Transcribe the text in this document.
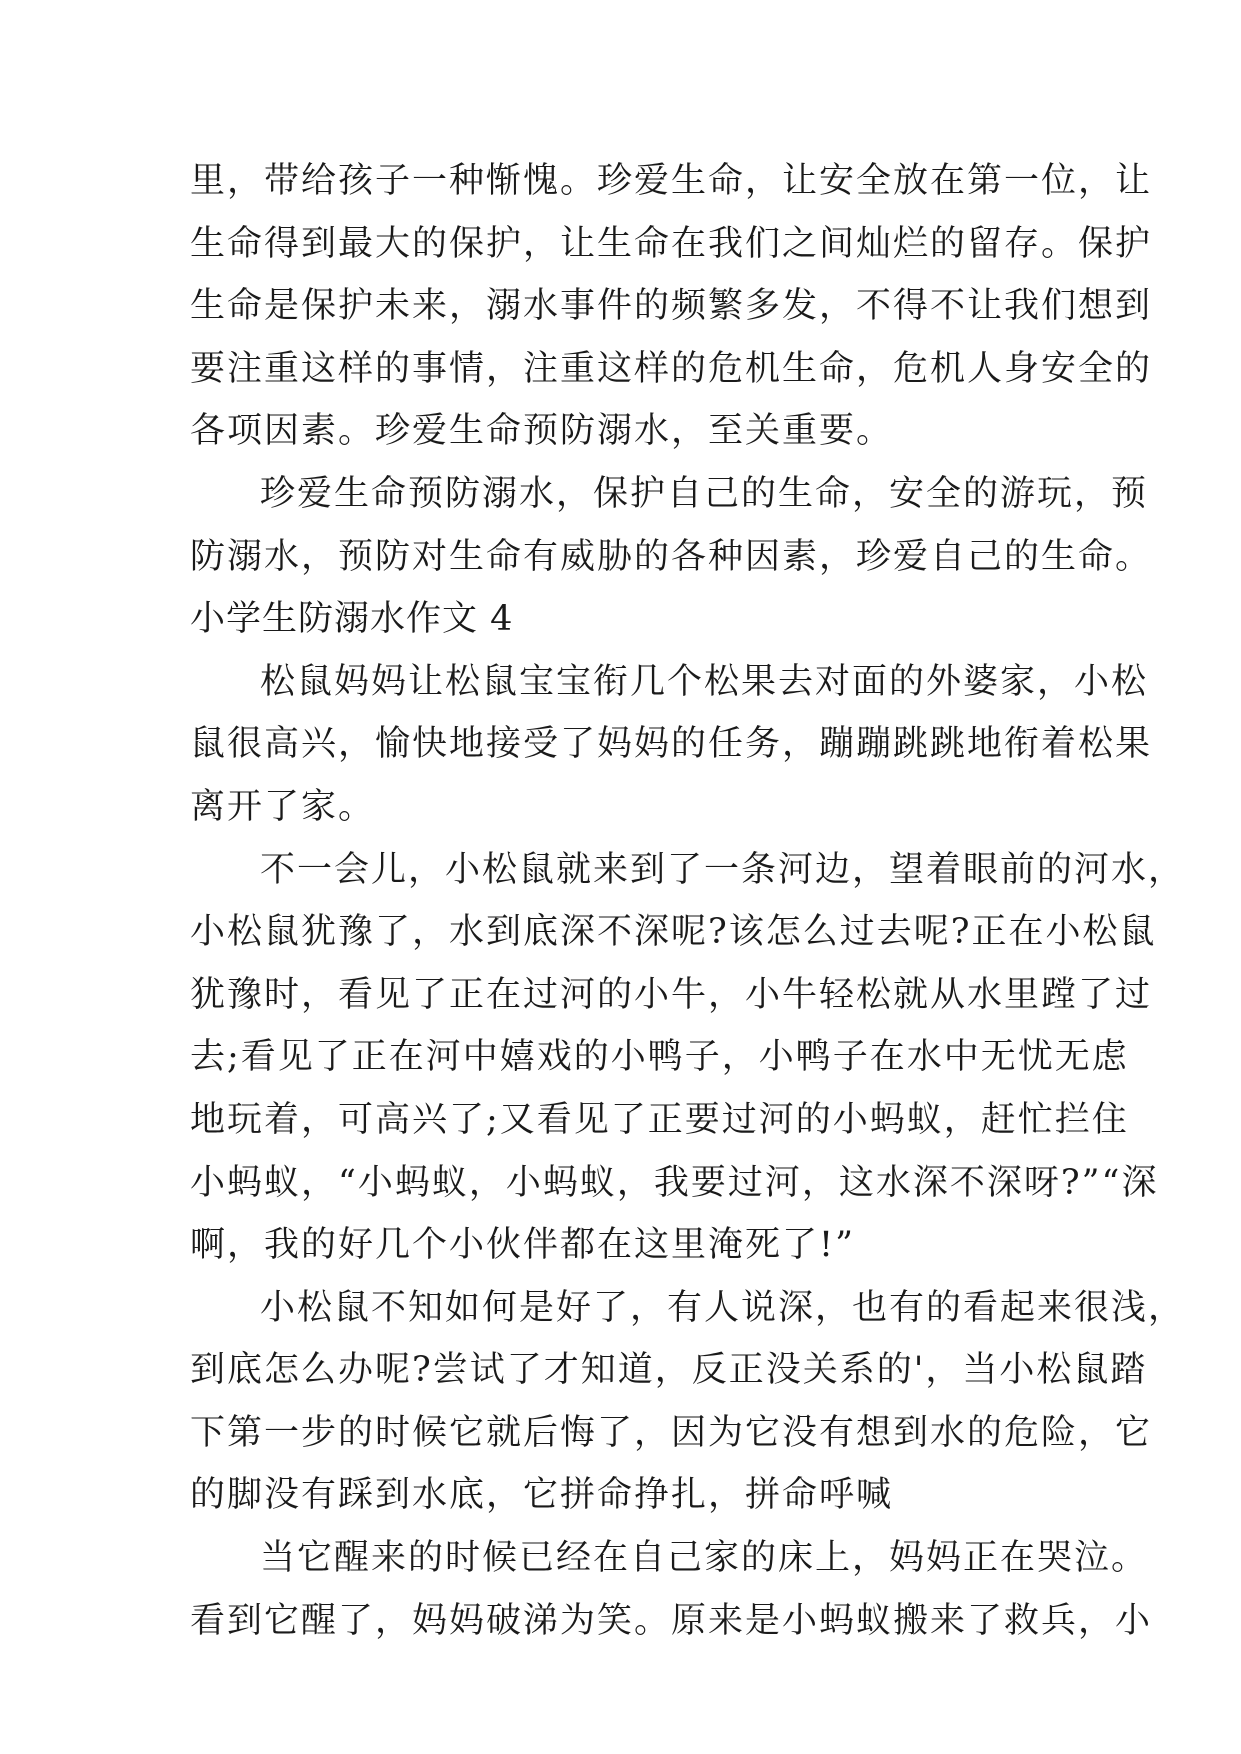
里，带给孩子一种惭愧。珍爱生命，让安全放在第一位，让
生命得到最大的保护，让生命在我们之间灿烂的留存。保护
生命是保护未来，溺水事件的频繁多发，不得不让我们想到
要注重这样的事情，注重这样的危机生命，危机人身安全的
各项因素。珍爱生命预防溺水，至关重要。
珍爱生命预防溺水，保护自己的生命，安全的游玩，预
防溺水，预防对生命有威胁的各种因素，珍爱自己的生命。
小学生防溺水作文 4
松鼠妈妈让松鼠宝宝衔几个松果去对面的外婆家，小松
鼠很高兴，愉快地接受了妈妈的任务，蹦蹦跳跳地衔着松果
离开了家。
不一会儿，小松鼠就来到了一条河边，望着眼前的河水，
小松鼠犹豫了，水到底深不深呢?该怎么过去呢?正在小松鼠
犹豫时，看见了正在过河的小牛，小牛轻松就从水里蹚了过
去;看见了正在河中嬉戏的小鸭子，小鸭子在水中无忧无虑
地玩着，可高兴了;又看见了正要过河的小蚂蚁，赶忙拦住
小蚂蚁，“小蚂蚁，小蚂蚁，我要过河，这水深不深呀?”“深
啊，我的好几个小伙伴都在这里淹死了!”
小松鼠不知如何是好了，有人说深，也有的看起来很浅，
到底怎么办呢?尝试了才知道，反正没关系的'，当小松鼠踏
下第一步的时候它就后悔了，因为它没有想到水的危险，它
的脚没有踩到水底，它拼命挣扎，拼命呼喊
当它醒来的时候已经在自己家的床上，妈妈正在哭泣。
看到它醒了，妈妈破涕为笑。原来是小蚂蚁搬来了救兵，小
